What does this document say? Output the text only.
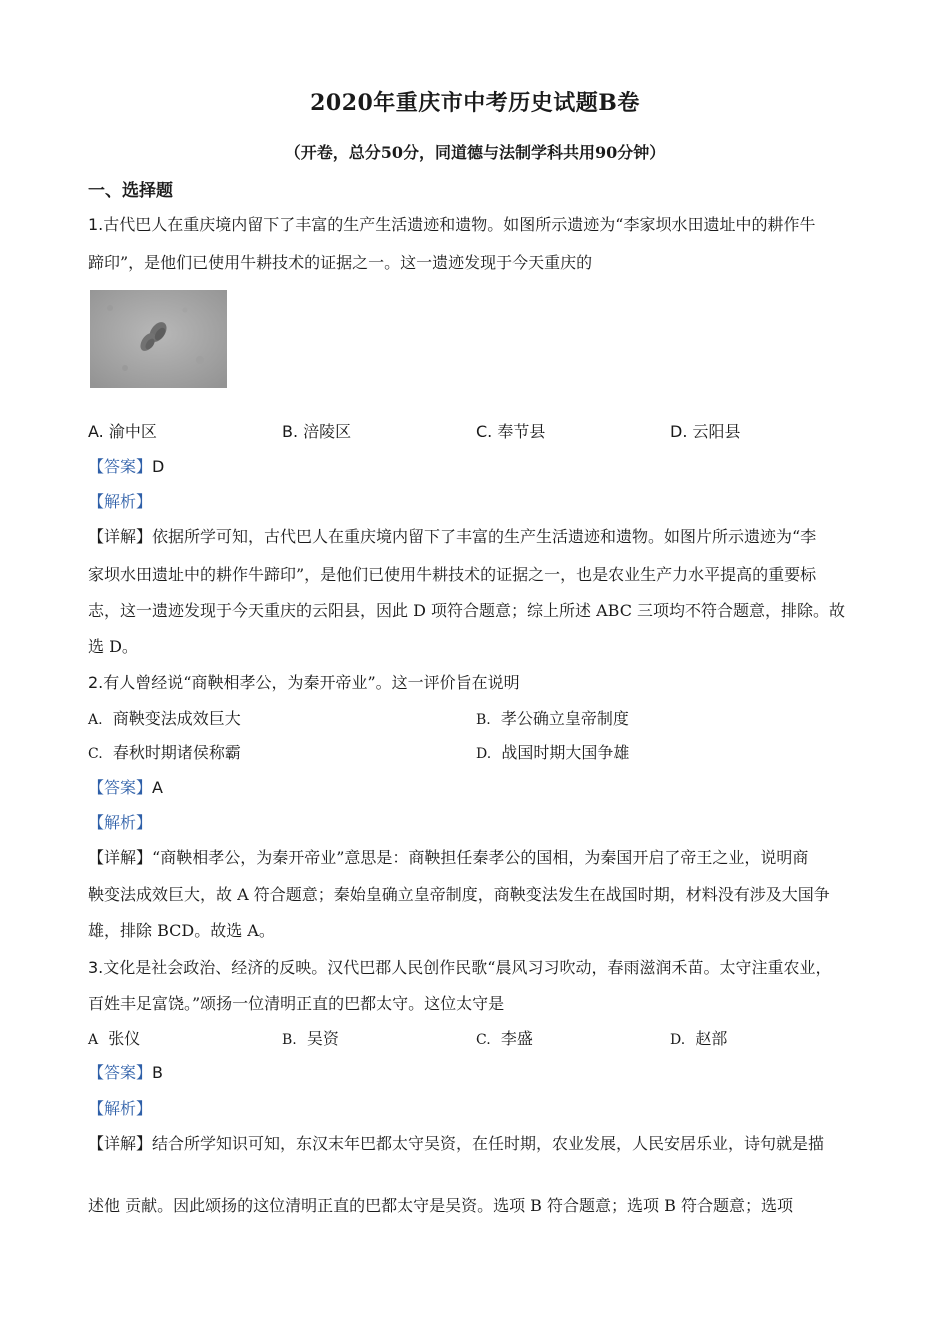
2020年重庆市中考历史试题B卷
（开卷，总分50分，同道德与法制学科共用90分钟）
一、选择题
1.古代巴人在重庆境内留下了丰富的生产生活遗迹和遗物。如图所示遗迹为“李家坝水田遗址中的耕作牛
蹄印”，是他们已使用牛耕技术的证据之一。这一遗迹发现于今天重庆的
A. 渝中区	B. 涪陵区	C. 奉节县	D. 云阳县
【答案】D
【解析】
【详解】依据所学可知，古代巴人在重庆境内留下了丰富的生产生活遗迹和遗物。如图片所示遗迹为“李
家坝水田遗址中的耕作牛蹄印”，是他们已使用牛耕技术的证据之一，也是农业生产力水平提高的重要标
志，这一遗迹发现于今天重庆的云阳县，因此 D 项符合题意；综上所述 ABC 三项均不符合题意，排除。故
选 D。
2.有人曾经说“商鞅相孝公，为秦开帝业”。这一评价旨在说明
A. 商鞅变法成效巨大	B. 孝公确立皇帝制度
C. 春秋时期诸侯称霸	D. 战国时期大国争雄
【答案】A
【解析】
【详解】“商鞅相孝公，为秦开帝业”意思是：商鞅担任秦孝公的国相，为秦国开启了帝王之业，说明商
鞅变法成效巨大，故 A 符合题意；秦始皇确立皇帝制度，商鞅变法发生在战国时期，材料没有涉及大国争
雄，排除 BCD。故选 A。
3.文化是社会政治、经济的反映。汉代巴郡人民创作民歌“晨风习习吹动，春雨滋润禾苗。太守注重农业，
百姓丰足富饶。”颂扬一位清明正直的巴都太守。这位太守是
A 张仪	B. 吴资	C. 李盛	D. 赵部
【答案】B
【解析】
【详解】结合所学知识可知，东汉末年巴都太守吴资，在任时期，农业发展，人民安居乐业，诗句就是描
述他 贡献。因此颂扬的这位清明正直的巴都太守是吴资。选项 B 符合题意；选项 B 符合题意；选项
